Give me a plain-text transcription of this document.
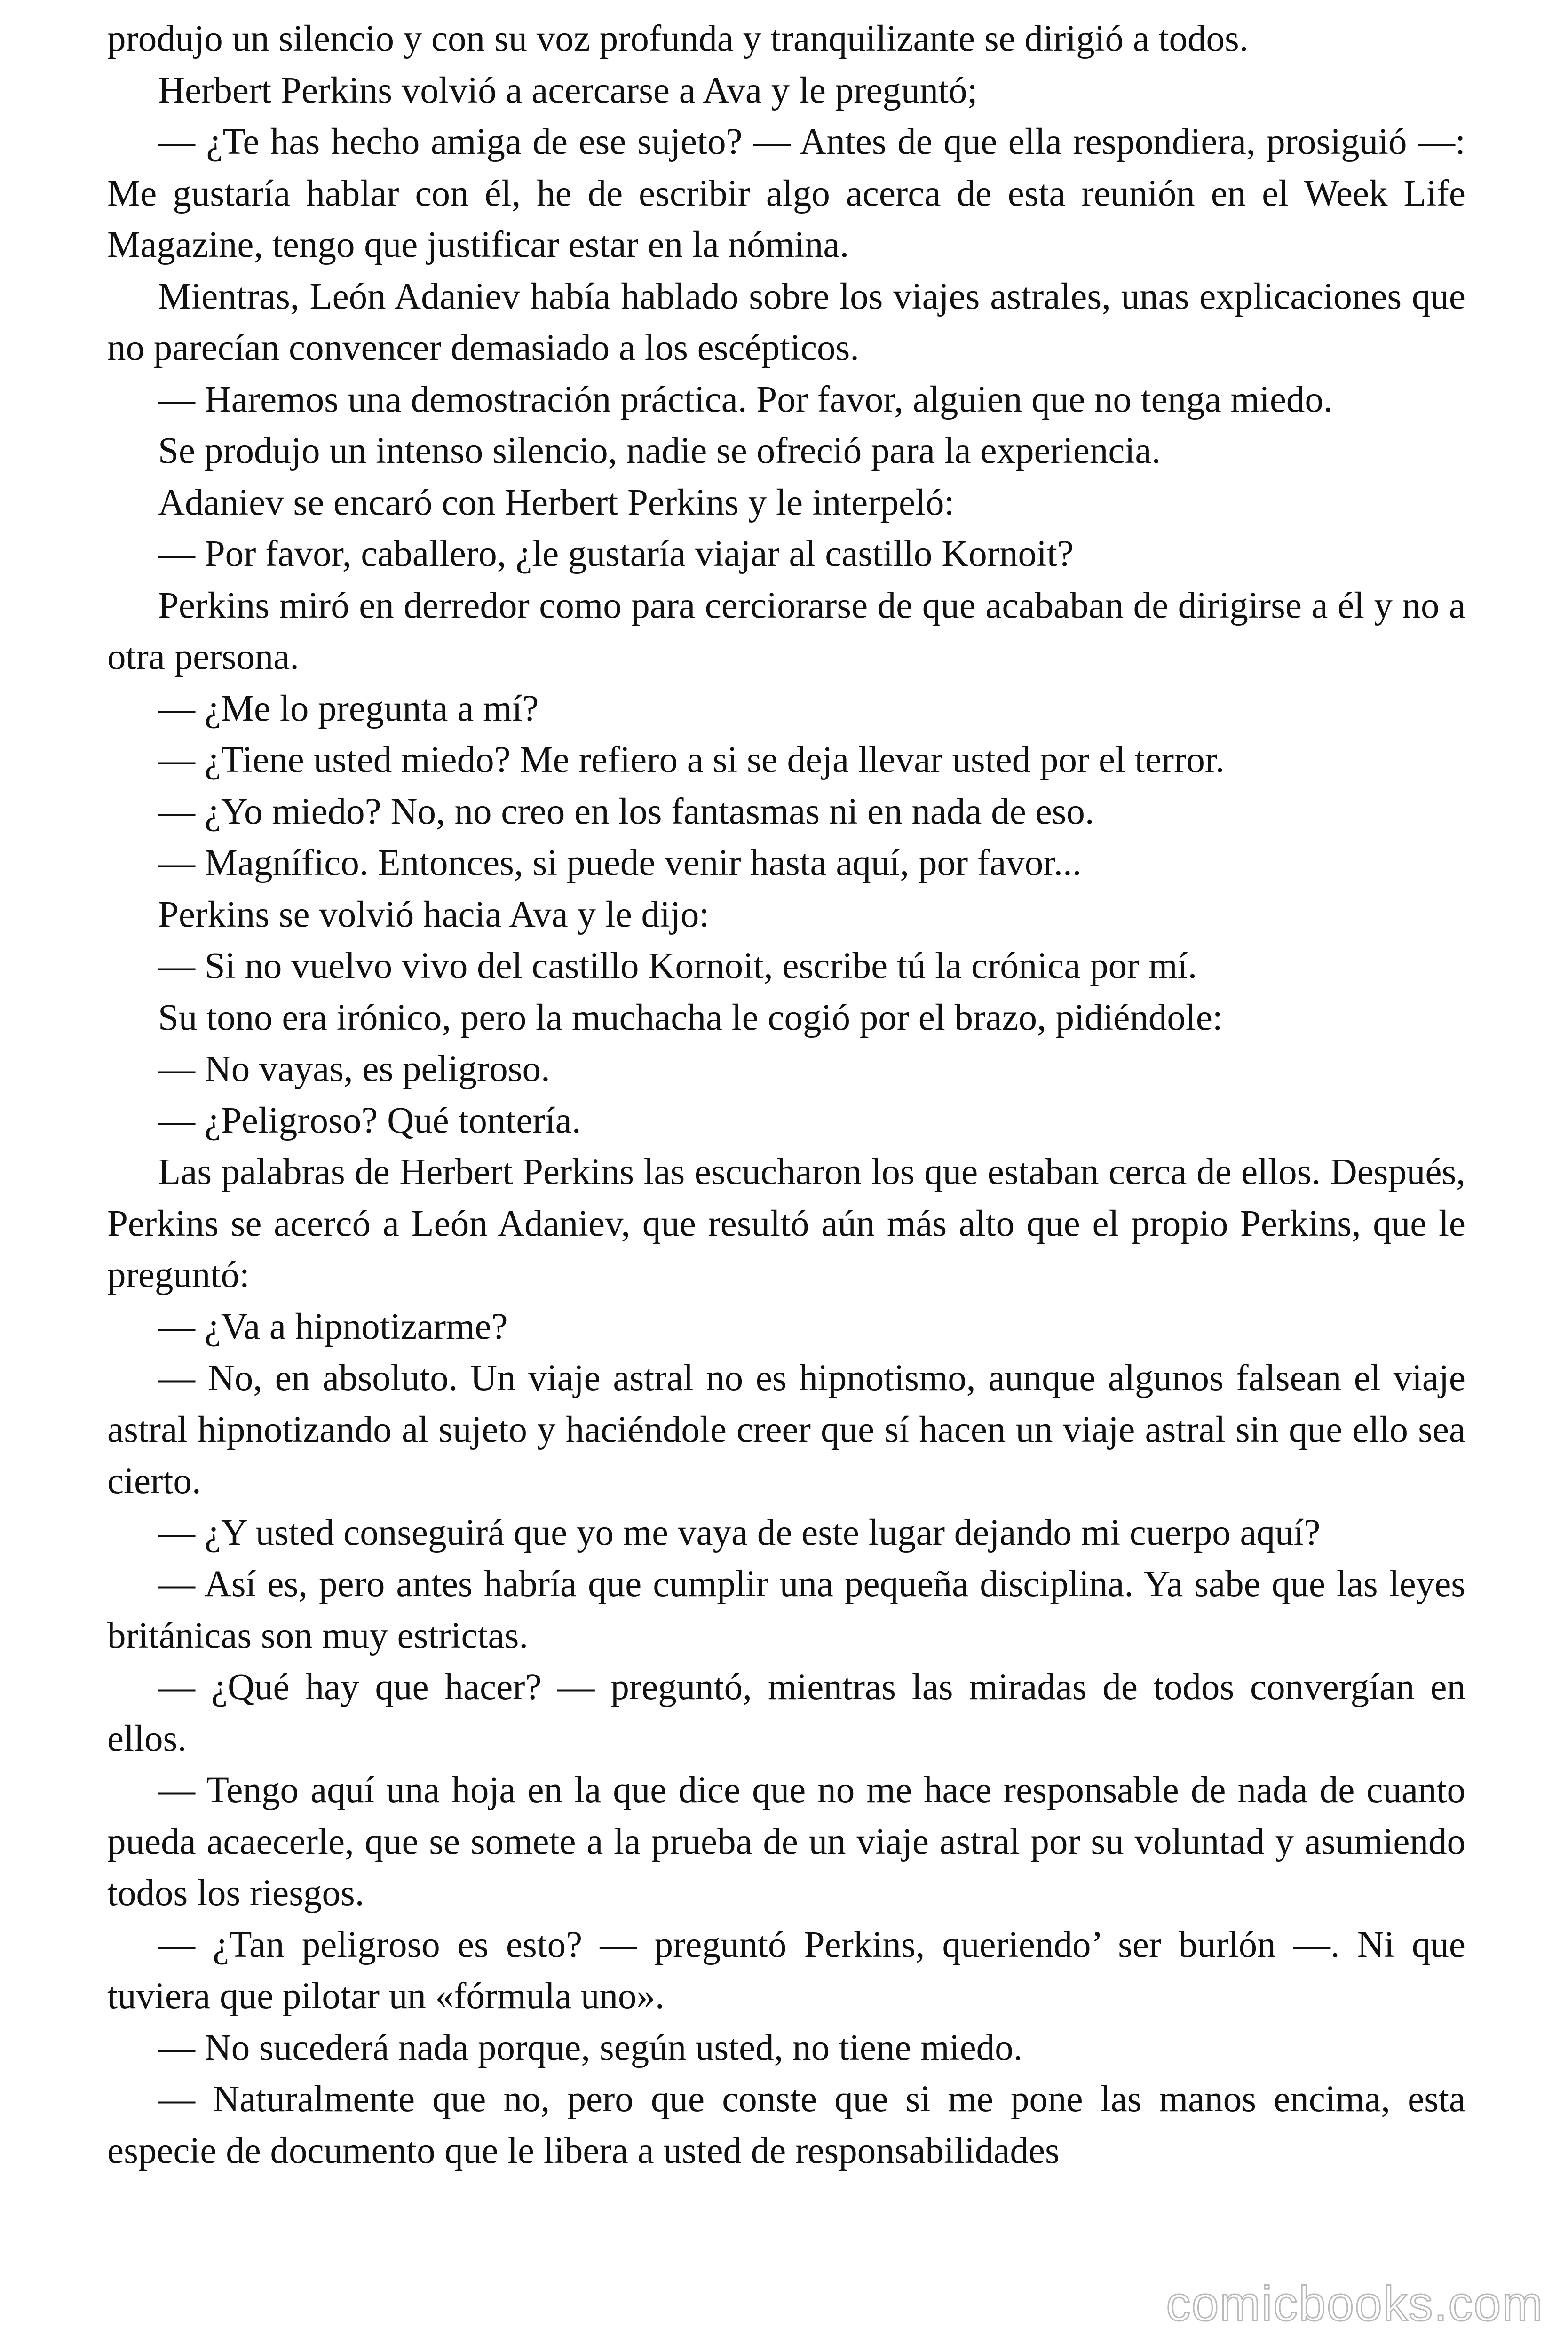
produjo un silencio y con su voz profunda y tranquilizante se dirigió a todos.

Herbert Perkins volvió a acercarse a Ava y le preguntó;

— ¿Te has hecho amiga de ese sujeto? — Antes de que ella respondiera, prosiguió —: Me gustaría hablar con él, he de escribir algo acerca de esta reunión en el Week Life Magazine, tengo que justificar estar en la nómina.

Mientras, León Adaniev había hablado sobre los viajes astrales, unas explicaciones que no parecían convencer demasiado a los escépticos.

— Haremos una demostración práctica. Por favor, alguien que no tenga miedo.

Se produjo un intenso silencio, nadie se ofreció para la experiencia.

Adaniev se encaró con Herbert Perkins y le interpeló:

— Por favor, caballero, ¿le gustaría viajar al castillo Kornoit?

Perkins miró en derredor como para cerciorarse de que acababan de dirigirse a él y no a otra persona.

— ¿Me lo pregunta a mí?

— ¿Tiene usted miedo? Me refiero a si se deja llevar usted por el terror.

— ¿Yo miedo? No, no creo en los fantasmas ni en nada de eso.

— Magnífico. Entonces, si puede venir hasta aquí, por favor...

Perkins se volvió hacia Ava y le dijo:

— Si no vuelvo vivo del castillo Kornoit, escribe tú la crónica por mí.

Su tono era irónico, pero la muchacha le cogió por el brazo, pidiéndole:

— No vayas, es peligroso.

— ¿Peligroso? Qué tontería.

Las palabras de Herbert Perkins las escucharon los que estaban cerca de ellos. Después, Perkins se acercó a León Adaniev, que resultó aún más alto que el propio Perkins, que le preguntó:

— ¿Va a hipnotizarme?

— No, en absoluto. Un viaje astral no es hipnotismo, aunque algunos falsean el viaje astral hipnotizando al sujeto y haciéndole creer que sí hacen un viaje astral sin que ello sea cierto.

— ¿Y usted conseguirá que yo me vaya de este lugar dejando mi cuerpo aquí?

— Así es, pero antes habría que cumplir una pequeña disciplina. Ya sabe que las leyes británicas son muy estrictas.

— ¿Qué hay que hacer? — preguntó, mientras las miradas de todos convergían en ellos.

— Tengo aquí una hoja en la que dice que no me hace responsable de nada de cuanto pueda acaecerle, que se somete a la prueba de un viaje astral por su voluntad y asumiendo todos los riesgos.

— ¿Tan peligroso es esto? — preguntó Perkins, queriendo’ ser burlón —. Ni que tuviera que pilotar un «fórmula uno».

— No sucederá nada porque, según usted, no tiene miedo.

— Naturalmente que no, pero que conste que si me pone las manos encima, esta especie de documento que le libera a usted de responsabilidades

comicbooks.com
